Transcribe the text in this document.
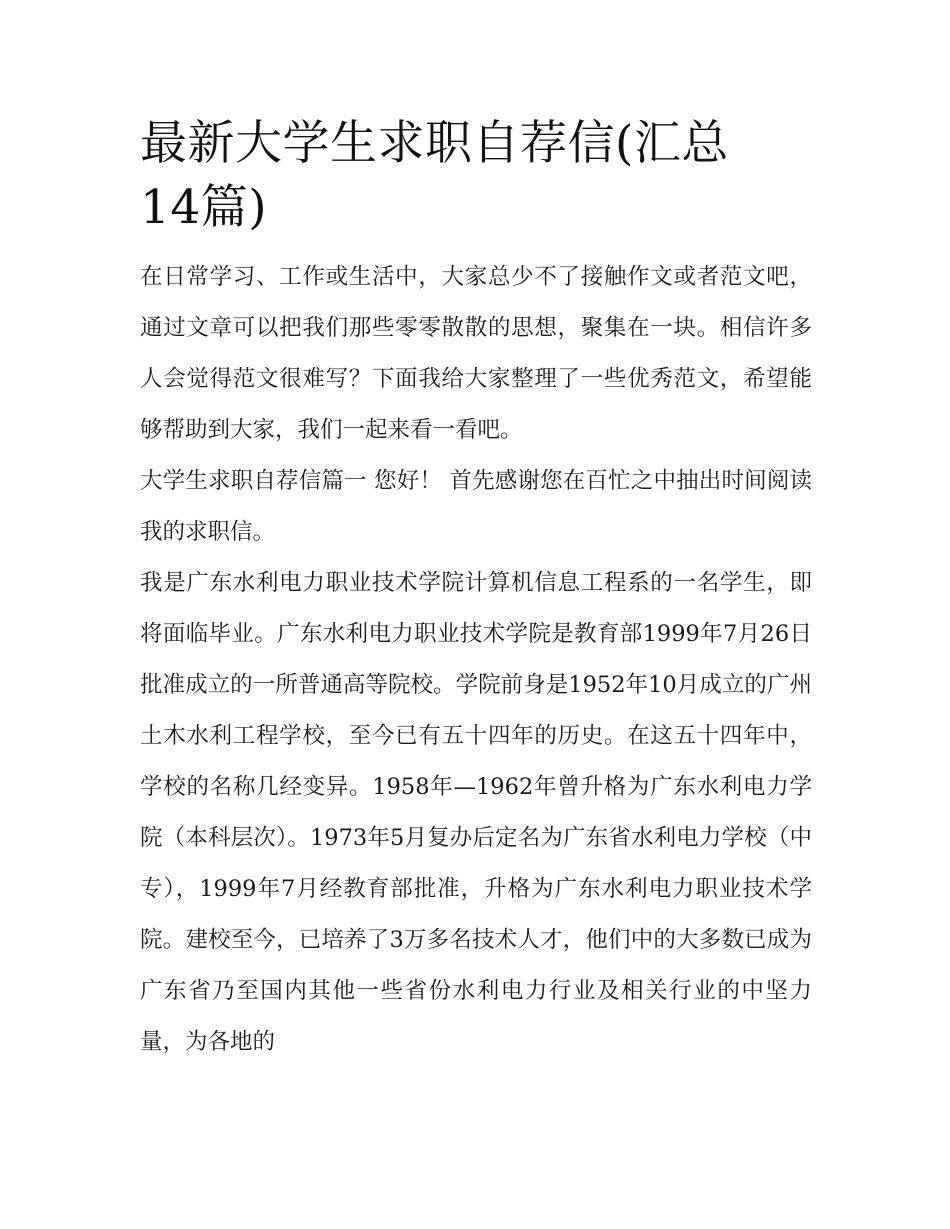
最新大学生求职自荐信(汇总14篇)

在日常学习、工作或生活中，大家总少不了接触作文或者范文吧，通过文章可以把我们那些零零散散的思想，聚集在一块。相信许多人会觉得范文很难写？下面我给大家整理了一些优秀范文，希望能够帮助到大家，我们一起来看一看吧。

大学生求职自荐信篇一 您好！ 首先感谢您在百忙之中抽出时间阅读我的求职信。

我是广东水利电力职业技术学院计算机信息工程系的一名学生，即将面临毕业。广东水利电力职业技术学院是教育部1999年7月26日批准成立的一所普通高等院校。学院前身是1952年10月成立的广州土木水利工程学校，至今已有五十四年的历史。在这五十四年中，学校的名称几经变异。1958年—1962年曾升格为广东水利电力学院（本科层次）。1973年5月复办后定名为广东省水利电力学校（中专），1999年7月经教育部批准，升格为广东水利电力职业技术学院。建校至今，已培养了3万多名技术人才，他们中的大多数已成为广东省乃至国内其他一些省份水利电力行业及相关行业的中坚力量，为各地的
